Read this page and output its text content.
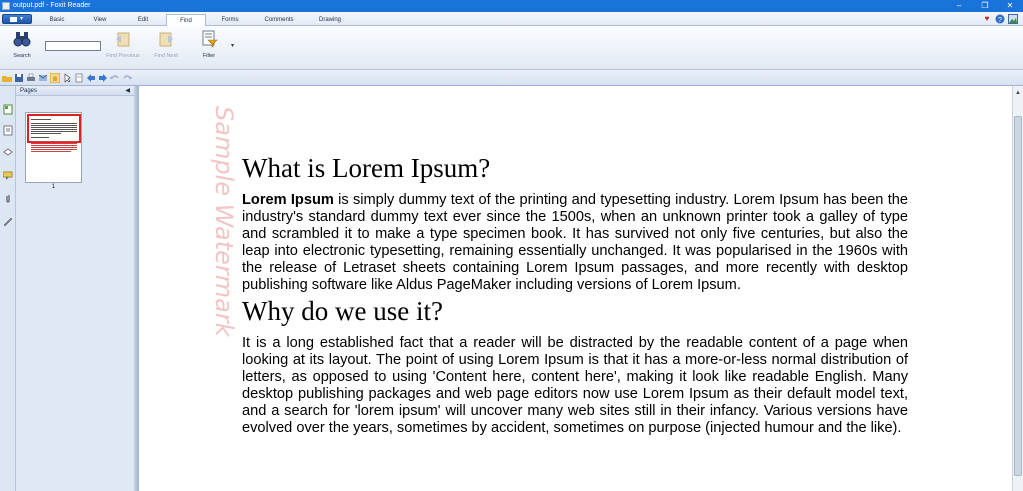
output.pdf - Foxit Reader	–	❐	✕
▾	Basic	View	Edit	Find	Forms	Comments	Drawing	♥	?
Search	Find Previous	Find Next	Filter
▾
Pages	◀
1	Sample Watermark What is Lorem Ipsum?
Lorem Ipsum is simply dummy text of the printing and typesetting industry. Lorem Ipsum has been the industry's standard dummy text ever since the 1500s, when an unknown printer took a galley of type and scrambled it to make a type specimen book. It has survived not only five centuries, but also the leap into electronic typesetting, remaining essentially unchanged. It was popularised in the 1960s with the release of Letraset sheets containing Lorem Ipsum passages, and more recently with desktop publishing software like Aldus PageMaker including versions of Lorem Ipsum.
Why do we use it?
It is a long established fact that a reader will be distracted by the readable content of a page when looking at its layout. The point of using Lorem Ipsum is that it has a more-or-less normal distribution of letters, as opposed to using 'Content here, content here', making it look like readable English. Many desktop publishing packages and web page editors now use Lorem Ipsum as their default model text, and a search for 'lorem ipsum' will uncover many web sites still in their infancy. Various versions have evolved over the years, sometimes by accident, sometimes on purpose (injected humour and the like).
▲
